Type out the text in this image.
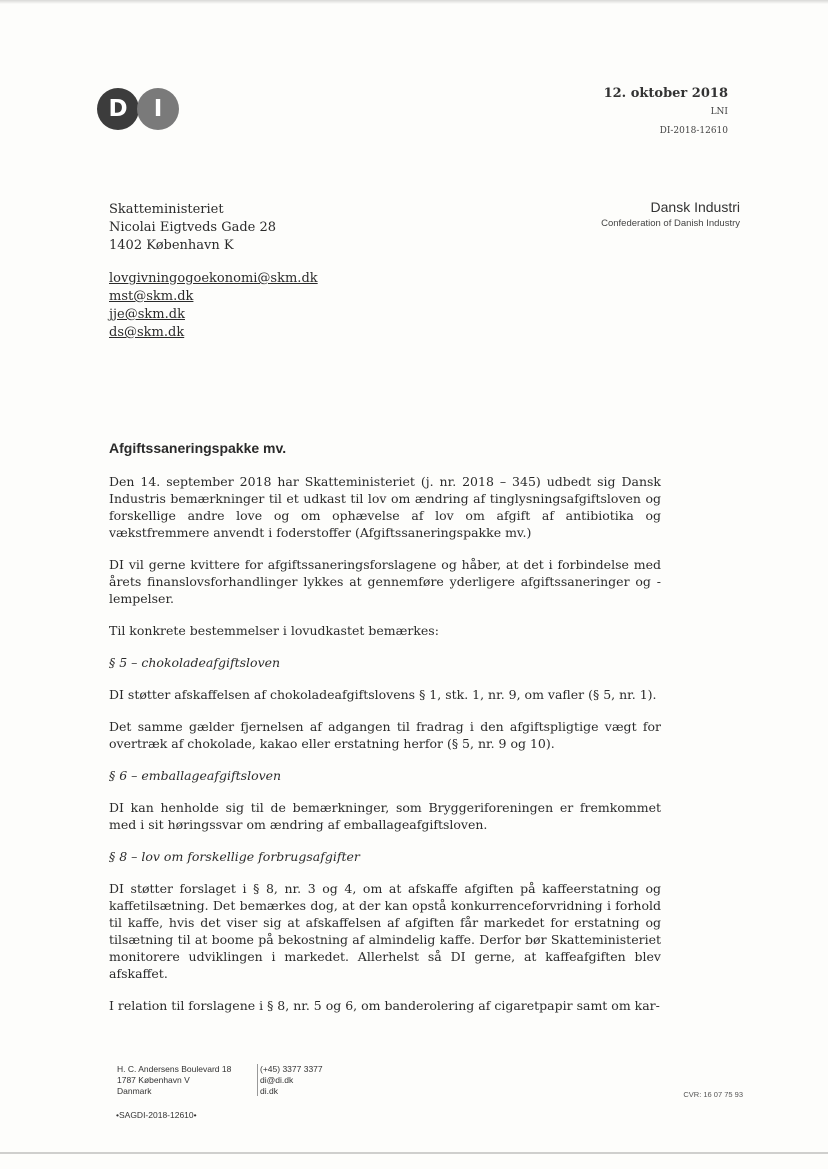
D	I
12. oktober 2018
LNI
DI-2018-12610
Skatteministeriet
Nicolai Eigtveds Gade 28
1402 København K
lovgivningogoekonomi@skm.dk
mst@skm.dk
jje@skm.dk
ds@skm.dk
Dansk Industri
Confederation of Danish Industry
Afgiftssaneringspakke mv.

Den 14. september 2018 har Skatteministeriet (j. nr. 2018 – 345) udbedt sig Dansk Industris bemærkninger til et udkast til lov om ændring af tinglysningsafgiftsloven og forskellige andre love og om ophævelse af lov om afgift af antibiotika og vækstfremmere anvendt i foderstoffer (Afgiftssaneringspakke mv.)

DI vil gerne kvittere for afgiftssaneringsforslagene og håber, at det i forbindelse med årets finanslovsforhandlinger lykkes at gennemføre yderligere afgiftssaneringer og -lempelser.

Til konkrete bestemmelser i lovudkastet bemærkes:

§ 5 – chokoladeafgiftsloven

DI støtter afskaffelsen af chokoladeafgiftslovens § 1, stk. 1, nr. 9, om vafler (§ 5, nr. 1).

Det samme gælder fjernelsen af adgangen til fradrag i den afgiftspligtige vægt for overtræk af chokolade, kakao eller erstatning herfor (§ 5, nr. 9 og 10).

§ 6 – emballageafgiftsloven

DI kan henholde sig til de bemærkninger, som Bryggeriforeningen er fremkommet med i sit høringssvar om ændring af emballageafgiftsloven.

§ 8 – lov om forskellige forbrugsafgifter

DI støtter forslaget i § 8, nr. 3 og 4, om at afskaffe afgiften på kaffeerstatning og kaffetilsætning. Det bemærkes dog, at der kan opstå konkurrenceforvridning i forhold til kaffe, hvis det viser sig at afskaffelsen af afgiften får markedet for erstatning og tilsætning til at boome på bekostning af almindelig kaffe. Derfor bør Skatteministeriet monitorere udviklingen i markedet. Allerhelst så DI gerne, at kaffeafgiften blev afskaffet.

I relation til forslagene i § 8, nr. 5 og 6, om banderolering af cigaretpapir samt om kar-

H. C. Andersens Boulevard 18
1787 København V
Danmark
(+45) 3377 3377
di@di.dk
di.dk
•SAGDI-2018-12610•
CVR: 16 07 75 93
